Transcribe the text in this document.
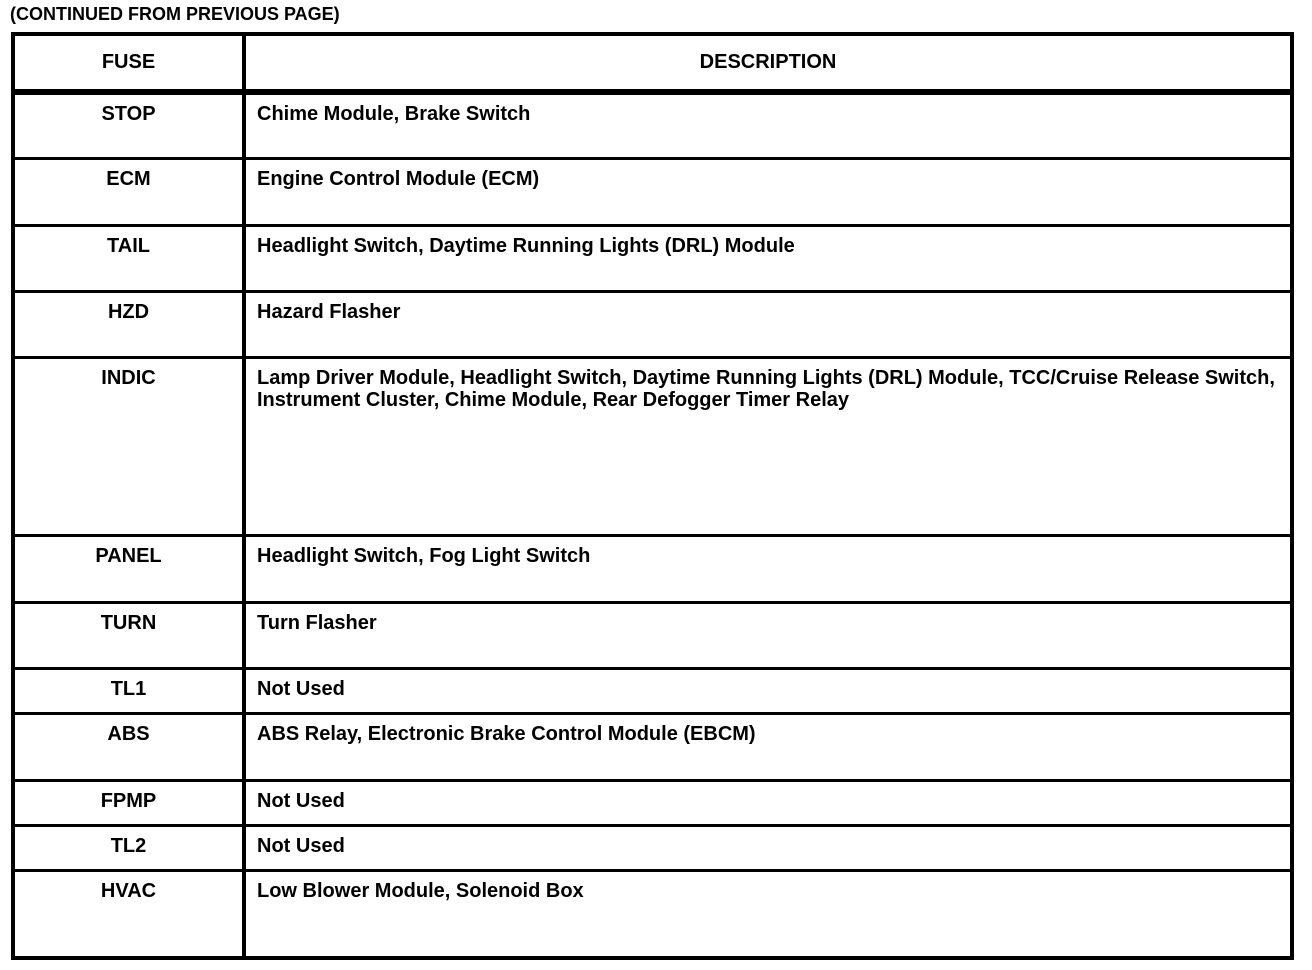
(CONTINUED FROM PREVIOUS PAGE)
FUSE	DESCRIPTION
STOP	Chime Module, Brake Switch
ECM	Engine Control Module (ECM)
TAIL	Headlight Switch, Daytime Running Lights (DRL) Module
HZD	Hazard Flasher
INDIC	Lamp Driver Module, Headlight Switch, Daytime Running Lights (DRL) Module, TCC/Cruise Release Switch, Instrument Cluster, Chime Module, Rear Defogger Timer Relay
PANEL	Headlight Switch, Fog Light Switch
TURN	Turn Flasher
TL1	Not Used
ABS	ABS Relay, Electronic Brake Control Module (EBCM)
FPMP	Not Used
TL2	Not Used
HVAC	Low Blower Module, Solenoid Box
